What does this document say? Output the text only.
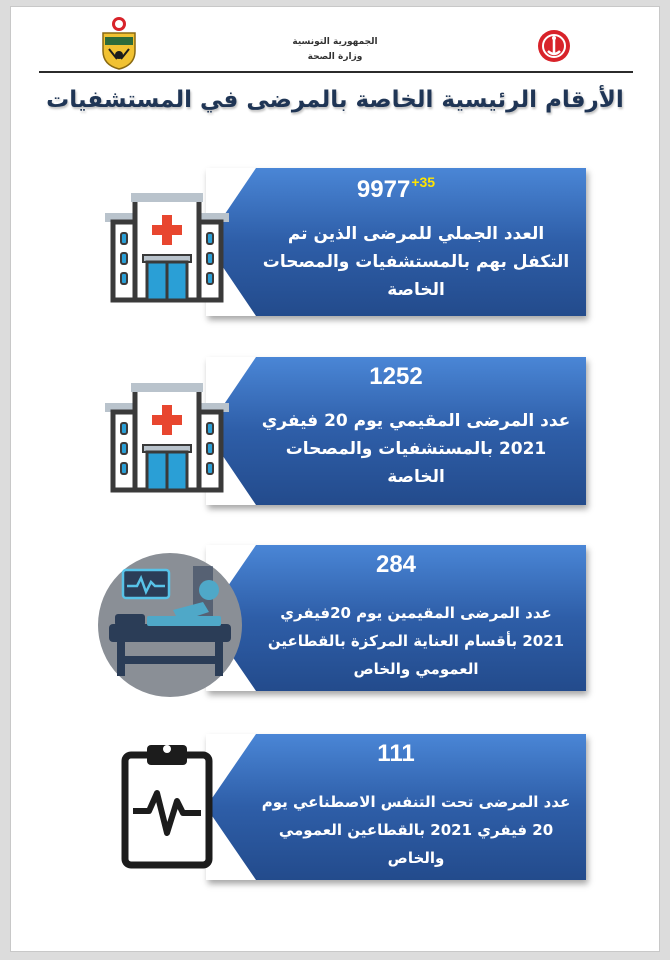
الجمهورية التونسية
وزارة الصحة
الأرقام الرئيسية الخاصة بالمرضى في المستشفيات
$9977^{+35}$
العدد الجملي للمرضى الذين تم التكفل بهم بالمستشفيات والمصحات الخاصة
1252
عدد المرضى المقيمي يوم 20 فيفري 2021 بالمستشفيات والمصحات الخاصة
284
عدد المرضى المقيمين يوم 20فيفري 2021 بأقسام العناية المركزة بالقطاعين العمومي والخاص
111
عدد المرضى تحت التنفس الاصطناعي يوم 20 فيفري 2021 بالقطاعين العمومي والخاص
